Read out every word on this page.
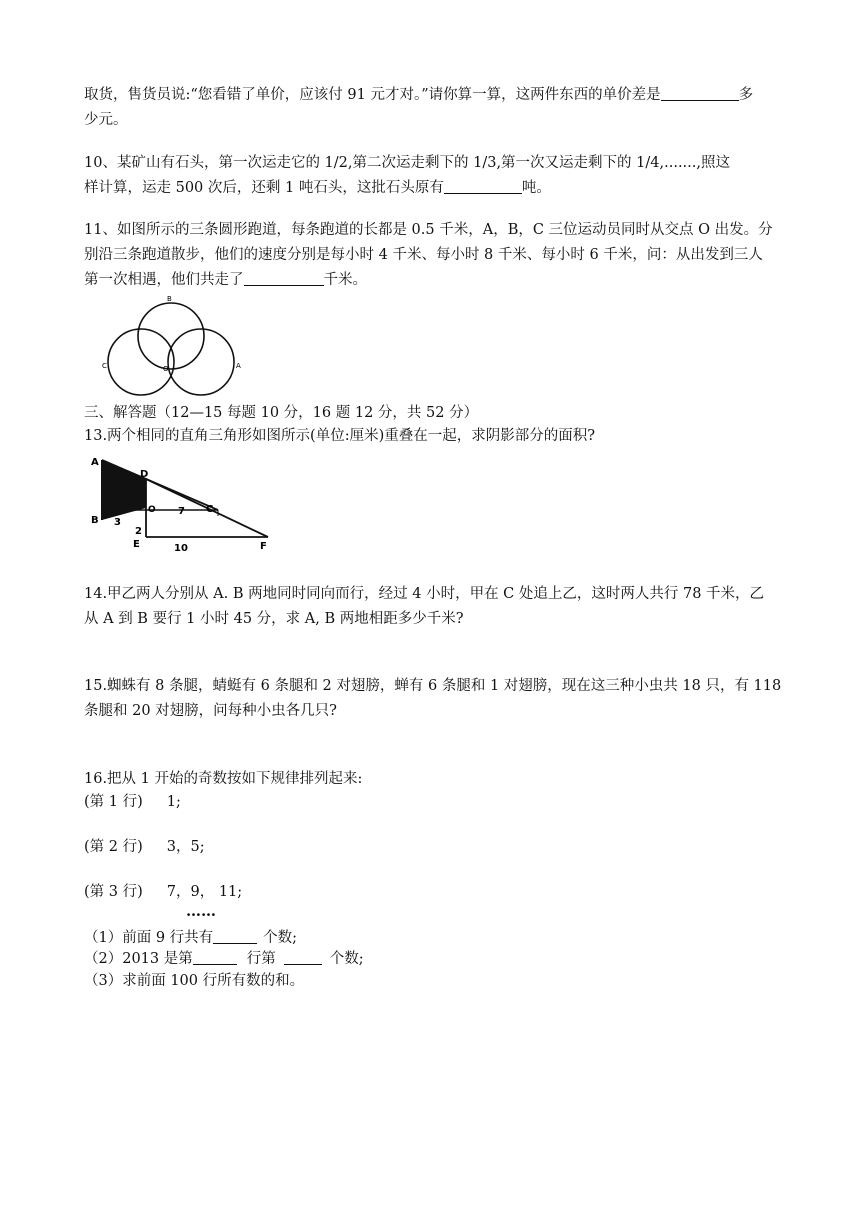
取货，售货员说:“您看错了单价，应该付 91 元才对。”请你算一算，这两件东西的单价差是	多
少元。
10、某矿山有石头，第一次运走它的 1/2,第二次运走剩下的 1/3,第一次又运走剩下的 1/4,.......,照这
样计算，运走 500 次后，还剩 1 吨石头，这批石头原有	吨。
11、如图所示的三条圆形跑道，每条跑道的长都是 0.5 千米，A，B，C 三位运动员同时从交点 O 出发。分
别沿三条跑道散步，他们的速度分别是每小时 4 千米、每小时 8 千米、每小时 6 千米，问：从出发到三人
第一次相遇，他们共走了	千米。
B
C	O	A
三、解答题（12—15 每题 10 分，16 题 12 分，共 52 分）
13.两个相同的直角三角形如图所示(单位:厘米)重叠在一起，求阴影部分的面积?
A
D
B 3
O 7 C
2
E	10	F
14.甲乙两人分别从 A. B 两地同时同向而行，经过 4 小时，甲在 C 处追上乙，这时两人共行 78 千米，乙
从 A 到 B 要行 1 小时 45 分，求 A, B 两地相距多少千米?
15.蜘蛛有 8 条腿，蜻蜓有 6 条腿和 2 对翅膀，蝉有 6 条腿和 1 对翅膀，现在这三种小虫共 18 只，有 118
条腿和 20 对翅膀，问每种小虫各几只?
16.把从 1 开始的奇数按如下规律排列起来:
(第 1 行) 1;
(第 2 行) 3，5;
(第 3 行) 7，9， 11;
……
（1）前面 9 行共有	个数;
（2）2013 是第	行第	个数;
（3）求前面 100 行所有数的和。
